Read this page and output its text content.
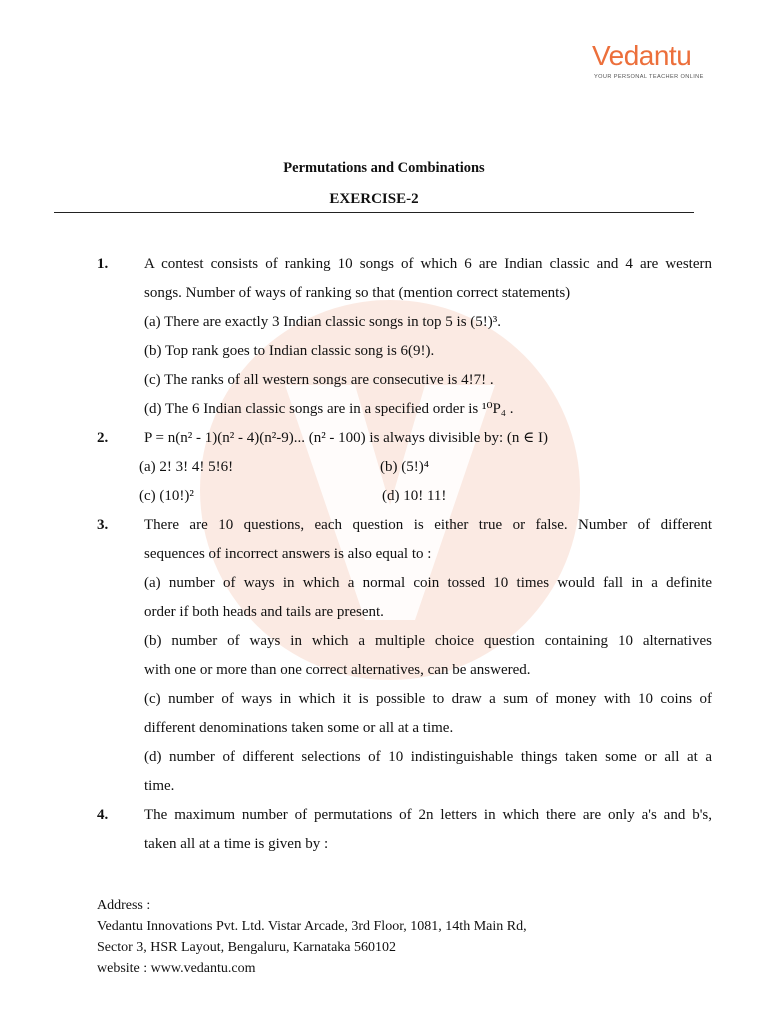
Vedantu
YOUR PERSONAL TEACHER ONLINE
Permutations and Combinations
EXERCISE-2
1. A contest consists of ranking 10 songs of which 6 are Indian classic and 4 are western
songs. Number of ways of ranking so that (mention correct statements)
(a) There are exactly 3 Indian classic songs in top 5 is (5!)³.
(b) Top rank goes to Indian classic song is 6(9!).
(c) The ranks of all western songs are consecutive is 4!7! .
(d) The 6 Indian classic songs are in a specified order is ¹⁰P₄ .
2. P = n(n² - 1)(n² - 4)(n²-9)... (n² - 100) is always divisible by: (n ∈ I)
(a) 2! 3! 4! 5!6!	(b) (5!)⁴
(c) (10!)²	(d) 10! 11!
3. There are 10 questions, each question is either true or false. Number of different
sequences of incorrect answers is also equal to :
(a) number of ways in which a normal coin tossed 10 times would fall in a definite
order if both heads and tails are present.
(b) number of ways in which a multiple choice question containing 10 alternatives
with one or more than one correct alternatives, can be answered.
(c) number of ways in which it is possible to draw a sum of money with 10 coins of
different denominations taken some or all at a time.
(d) number of different selections of 10 indistinguishable things taken some or all at a
time.
4. The maximum number of permutations of 2n letters in which there are only a's and b's,
taken all at a time is given by :
Address :
Vedantu Innovations Pvt. Ltd. Vistar Arcade, 3rd Floor, 1081, 14th Main Rd,
Sector 3, HSR Layout, Bengaluru, Karnataka 560102
website : www.vedantu.com
